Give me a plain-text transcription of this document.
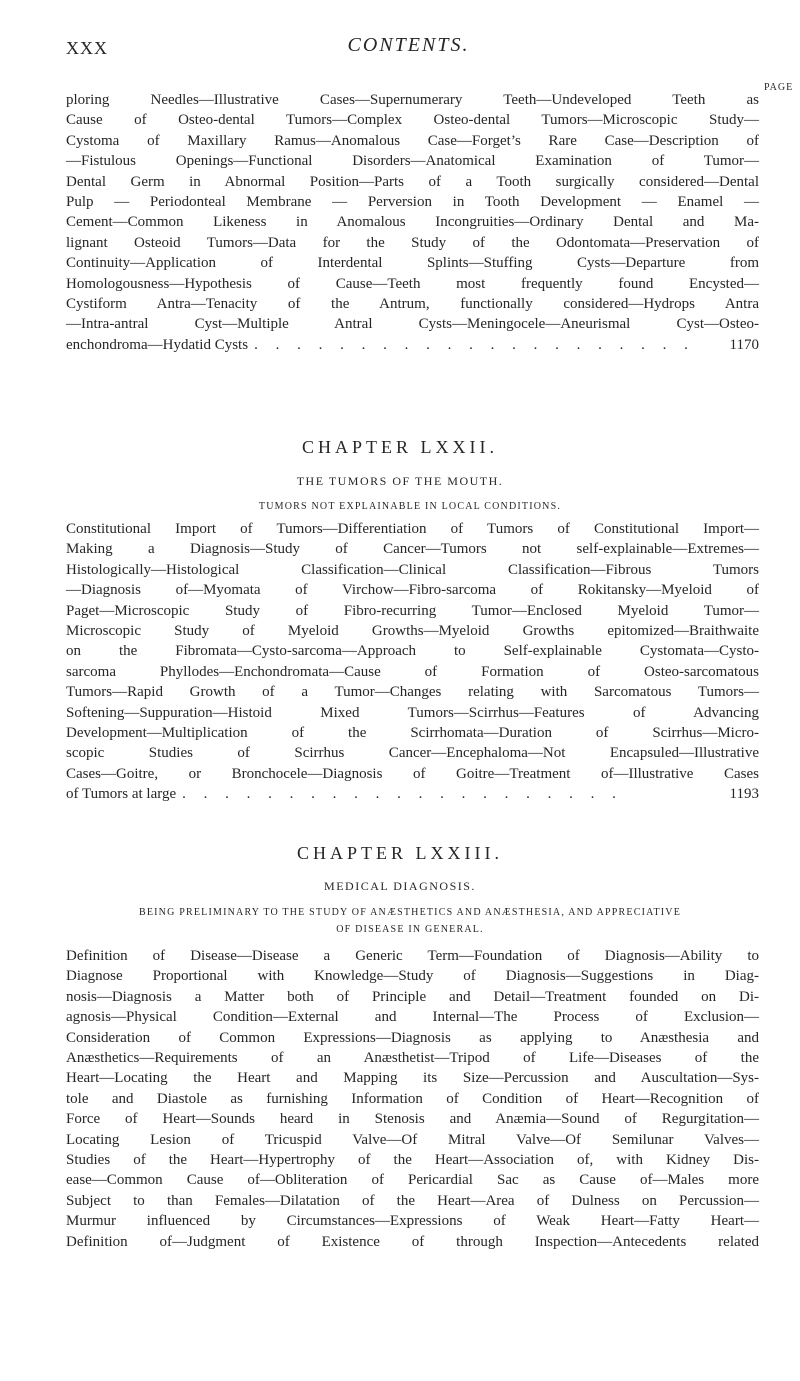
XXX	CONTENTS.
PAGE
ploring Needles—Illustrative Cases—Supernumerary Teeth—Undeveloped Teeth as
Cause of Osteo-dental Tumors—Complex Osteo-dental Tumors—Microscopic Study—
Cystoma of Maxillary Ramus—Anomalous Case—Forget’s Rare Case—Description of
—Fistulous Openings—Functional Disorders—Anatomical Examination of Tumor—
Dental Germ in Abnormal Position—Parts of a Tooth surgically considered—Dental
Pulp — Periodonteal Membrane — Perversion in Tooth Development — Enamel —
Cement—Common Likeness in Anomalous Incongruities—Ordinary Dental and Ma-
lignant Osteoid Tumors—Data for the Study of the Odontomata—Preservation of
Continuity—Application of Interdental Splints—Stuffing Cysts—Departure from
Homologousness—Hypothesis of Cause—Teeth most frequently found Encysted—
Cystiform Antra—Tenacity of the Antrum, functionally considered—Hydrops Antra
—Intra-antral Cyst—Multiple Antral Cysts—Meningocele—Aneurismal Cyst—Osteo-
enchondroma—Hydatid Cysts . . . . . . . . . . . . . . . . . . . . .	1170
CHAPTER LXXII.
THE TUMORS OF THE MOUTH.
TUMORS NOT EXPLAINABLE IN LOCAL CONDITIONS.
Constitutional Import of Tumors—Differentiation of Tumors of Constitutional Import—
Making a Diagnosis—Study of Cancer—Tumors not self-explainable—Extremes—
Histologically—Histological Classification—Clinical Classification—Fibrous Tumors
—Diagnosis of—Myomata of Virchow—Fibro-sarcoma of Rokitansky—Myeloid of
Paget—Microscopic Study of Fibro-recurring Tumor—Enclosed Myeloid Tumor—
Microscopic Study of Myeloid Growths—Myeloid Growths epitomized—Braithwaite
on the Fibromata—Cysto-sarcoma—Approach to Self-explainable Cystomata—Cysto-
sarcoma Phyllodes—Enchondromata—Cause of Formation of Osteo-sarcomatous
Tumors—Rapid Growth of a Tumor—Changes relating with Sarcomatous Tumors—
Softening—Suppuration—Histoid Mixed Tumors—Scirrhus—Features of Advancing
Development—Multiplication of the Scirrhomata—Duration of Scirrhus—Micro-
scopic Studies of Scirrhus Cancer—Encephaloma—Not Encapsuled—Illustrative
Cases—Goitre, or Bronchocele—Diagnosis of Goitre—Treatment of—Illustrative Cases
of Tumors at large . . . . . . . . . . . . . . . . . . . . .	1193
CHAPTER LXXIII.
MEDICAL DIAGNOSIS.
BEING PRELIMINARY TO THE STUDY OF ANÆSTHETICS AND ANÆSTHESIA, AND APPRECIATIVE
OF DISEASE IN GENERAL.
Definition of Disease—Disease a Generic Term—Foundation of Diagnosis—Ability to
Diagnose Proportional with Knowledge—Study of Diagnosis—Suggestions in Diag-
nosis—Diagnosis a Matter both of Principle and Detail—Treatment founded on Di-
agnosis—Physical Condition—External and Internal—The Process of Exclusion—
Consideration of Common Expressions—Diagnosis as applying to Anæsthesia and
Anæsthetics—Requirements of an Anæsthetist—Tripod of Life—Diseases of the
Heart—Locating the Heart and Mapping its Size—Percussion and Auscultation—Sys-
tole and Diastole as furnishing Information of Condition of Heart—Recognition of
Force of Heart—Sounds heard in Stenosis and Anæmia—Sound of Regurgitation—
Locating Lesion of Tricuspid Valve—Of Mitral Valve—Of Semilunar Valves—
Studies of the Heart—Hypertrophy of the Heart—Association of, with Kidney Dis-
ease—Common Cause of—Obliteration of Pericardial Sac as Cause of—Males more
Subject to than Females—Dilatation of the Heart—Area of Dulness on Percussion—
Murmur influenced by Circumstances—Expressions of Weak Heart—Fatty Heart—
Definition of—Judgment of Existence of through Inspection—Antecedents related
